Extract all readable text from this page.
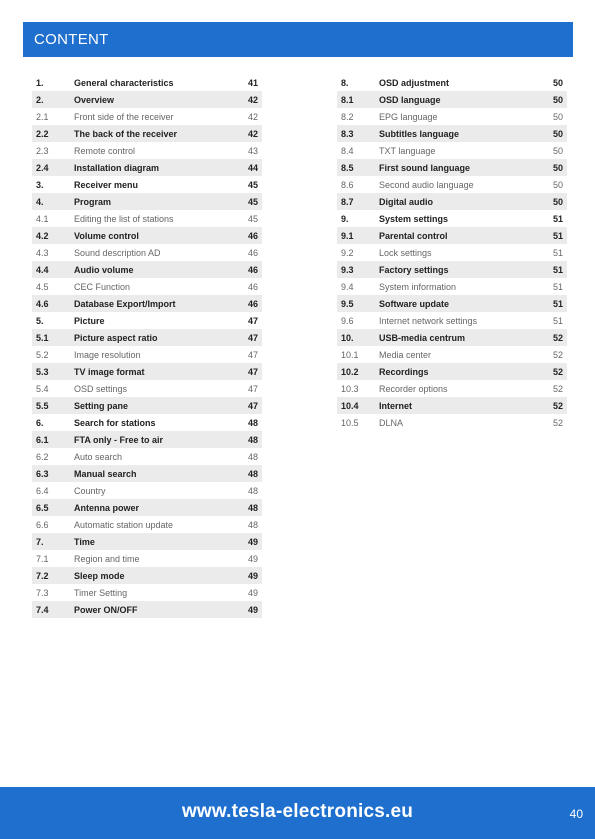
CONTENT
1.	General characteristics	41
2.	Overview	42
2.1	Front side of the receiver	42
2.2	The back of the receiver	42
2.3	Remote control	43
2.4	Installation diagram	44
3.	Receiver menu	45
4.	Program	45
4.1	Editing the list of stations	45
4.2	Volume control	46
4.3	Sound description AD	46
4.4	Audio volume	46
4.5	CEC Function	46
4.6	Database Export/Import	46
5.	Picture	47
5.1	Picture aspect ratio	47
5.2	Image resolution	47
5.3	TV image format	47
5.4	OSD settings	47
5.5	Setting pane	47
6.	Search for stations	48
6.1	FTA only - Free to air	48
6.2	Auto search	48
6.3	Manual search	48
6.4	Country	48
6.5	Antenna power	48
6.6	Automatic station update	48
7.	Time	49
7.1	Region and time	49
7.2	Sleep mode	49
7.3	Timer Setting	49
7.4	Power ON/OFF	49
8.	OSD adjustment	50
8.1	OSD language	50
8.2	EPG language	50
8.3	Subtitles language	50
8.4	TXT language	50
8.5	First sound language	50
8.6	Second audio language	50
8.7	Digital audio	50
9.	System settings	51
9.1	Parental control	51
9.2	Lock settings	51
9.3	Factory settings	51
9.4	System information	51
9.5	Software update	51
9.6	Internet network settings	51
10.	USB-media centrum	52
10.1	Media center	52
10.2	Recordings	52
10.3	Recorder options	52
10.4	Internet	52
10.5	DLNA	52
www.tesla-electronics.eu	40
